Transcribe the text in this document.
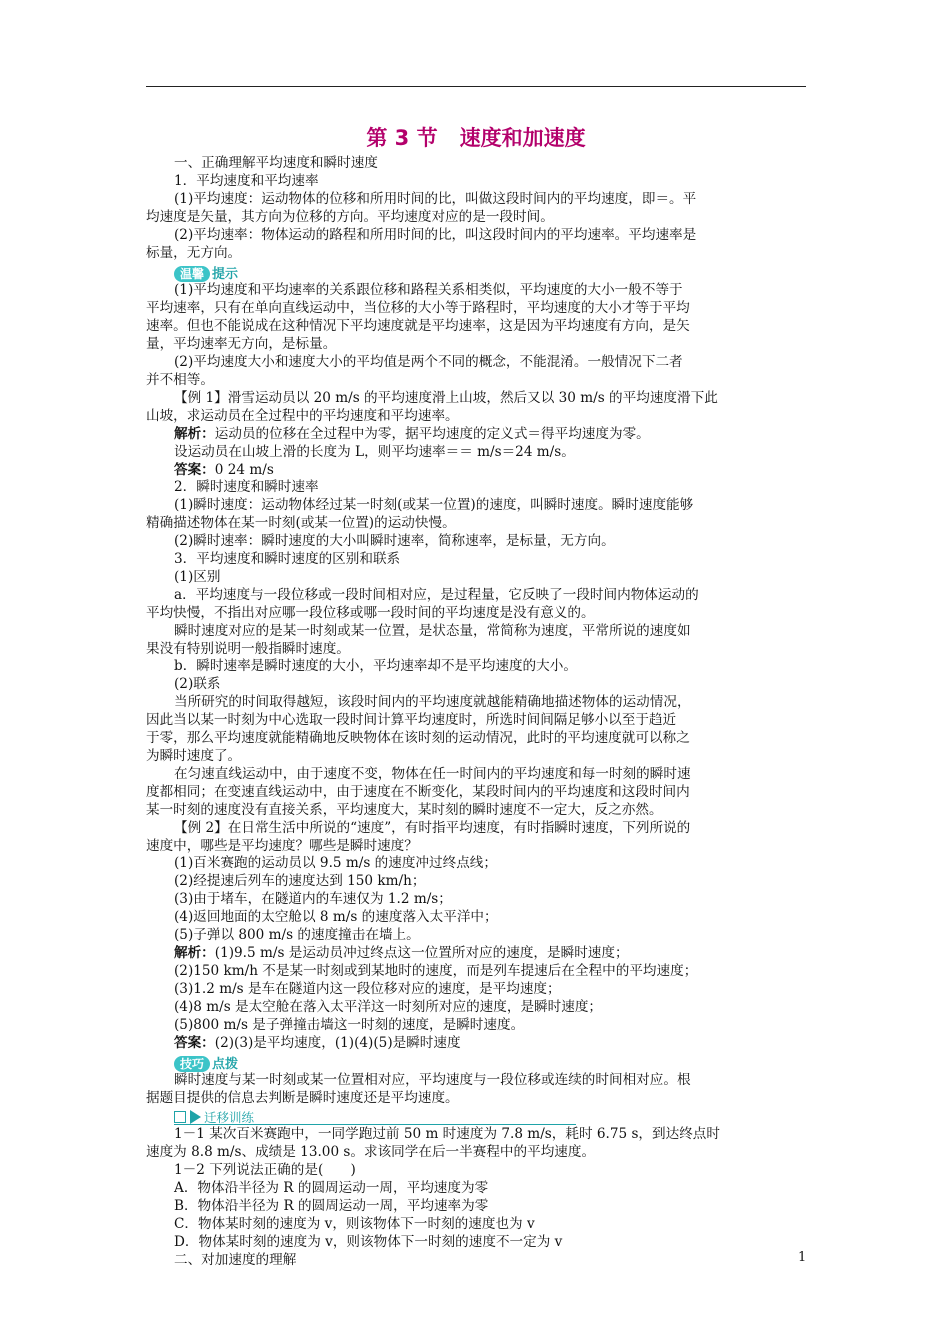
第 3 节 速度和加速度

一、正确理解平均速度和瞬时速度

1．平均速度和平均速率

(1)平均速度：运动物体的位移和所用时间的比，叫做这段时间内的平均速度，即＝。平

均速度是矢量，其方向为位移的方向。平均速度对应的是一段时间。

(2)平均速率：物体运动的路程和所用时间的比，叫这段时间内的平均速率。平均速率是

标量，无方向。

温馨 提示

(1)平均速度和平均速率的关系跟位移和路程关系相类似，平均速度的大小一般不等于

平均速率，只有在单向直线运动中，当位移的大小等于路程时，平均速度的大小才等于平均

速率。但也不能说成在这种情况下平均速度就是平均速率，这是因为平均速度有方向，是矢

量，平均速率无方向，是标量。

(2)平均速度大小和速度大小的平均值是两个不同的概念，不能混淆。一般情况下二者

并不相等。

【例 1】滑雪运动员以 20 m/s 的平均速度滑上山坡，然后又以 30 m/s 的平均速度滑下此

山坡，求运动员在全过程中的平均速度和平均速率。

解析：运动员的位移在全过程中为零，据平均速度的定义式＝得平均速度为零。

设运动员在山坡上滑的长度为 L，则平均速率＝＝ m/s＝24 m/s。

答案：0 24 m/s

2．瞬时速度和瞬时速率

(1)瞬时速度：运动物体经过某一时刻(或某一位置)的速度，叫瞬时速度。瞬时速度能够

精确描述物体在某一时刻(或某一位置)的运动快慢。

(2)瞬时速率：瞬时速度的大小叫瞬时速率，简称速率，是标量，无方向。

3．平均速度和瞬时速度的区别和联系

(1)区别

a．平均速度与一段位移或一段时间相对应，是过程量，它反映了一段时间内物体运动的

平均快慢，不指出对应哪一段位移或哪一段时间的平均速度是没有意义的。

瞬时速度对应的是某一时刻或某一位置，是状态量，常简称为速度，平常所说的速度如

果没有特别说明一般指瞬时速度。

b．瞬时速率是瞬时速度的大小，平均速率却不是平均速度的大小。

(2)联系

当所研究的时间取得越短，该段时间内的平均速度就越能精确地描述物体的运动情况，

因此当以某一时刻为中心选取一段时间计算平均速度时，所选时间间隔足够小以至于趋近

于零，那么平均速度就能精确地反映物体在该时刻的运动情况，此时的平均速度就可以称之

为瞬时速度了。

在匀速直线运动中，由于速度不变，物体在任一时间内的平均速度和每一时刻的瞬时速

度都相同；在变速直线运动中，由于速度在不断变化，某段时间内的平均速度和这段时间内

某一时刻的速度没有直接关系，平均速度大，某时刻的瞬时速度不一定大，反之亦然。

【例 2】在日常生活中所说的“速度”，有时指平均速度，有时指瞬时速度，下列所说的

速度中，哪些是平均速度？哪些是瞬时速度？

(1)百米赛跑的运动员以 9.5 m/s 的速度冲过终点线；

(2)经提速后列车的速度达到 150 km/h；

(3)由于堵车，在隧道内的车速仅为 1.2 m/s；

(4)返回地面的太空舱以 8 m/s 的速度落入太平洋中；

(5)子弹以 800 m/s 的速度撞击在墙上。

解析：(1)9.5 m/s 是运动员冲过终点这一位置所对应的速度，是瞬时速度；

(2)150 km/h 不是某一时刻或到某地时的速度，而是列车提速后在全程中的平均速度；

(3)1.2 m/s 是车在隧道内这一段位移对应的速度，是平均速度；

(4)8 m/s 是太空舱在落入太平洋这一时刻所对应的速度，是瞬时速度；

(5)800 m/s 是子弹撞击墙这一时刻的速度，是瞬时速度。

答案：(2)(3)是平均速度，(1)(4)(5)是瞬时速度

技巧 点拨

瞬时速度与某一时刻或某一位置相对应，平均速度与一段位移或连续的时间相对应。根

据题目提供的信息去判断是瞬时速度还是平均速度。

迁移训练

1－1 某次百米赛跑中，一同学跑过前 50 m 时速度为 7.8 m/s，耗时 6.75 s，到达终点时

速度为 8.8 m/s、成绩是 13.00 s。求该同学在后一半赛程中的平均速度。

1－2 下列说法正确的是(　　)

A．物体沿半径为 R 的圆周运动一周，平均速度为零

B．物体沿半径为 R 的圆周运动一周，平均速率为零

C．物体某时刻的速度为 v，则该物体下一时刻的速度也为 v

D．物体某时刻的速度为 v，则该物体下一时刻的速度不一定为 v

二、对加速度的理解	1
